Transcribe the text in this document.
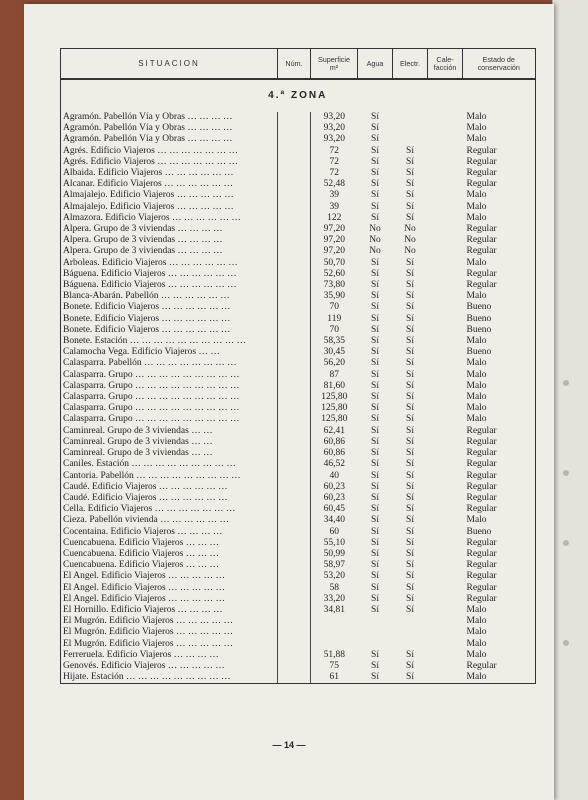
SITUACION	Núm.	Superficie m²	Agua	Electr.	Cale- facción	Estado de conservación
4.ª ZONA						
Agramón. Pabellón Vía y Obras … … … …		93,20	Sí			Malo
Agramón. Pabellón Vía y Obras … … … …		93,20	Sí			Malo
Agramón. Pabellón Vía y Obras … … … …		93,20	Sí			Malo
Agrés. Edificio Viajeros … … … … … … …		72	Sí	Sí		Regular
Agrés. Edificio Viajeros … … … … … … …		72	Sí	Sí		Regular
Albaida. Edificio Viajeros … … … … … …		72	Sí	Sí		Regular
Alcanar. Edificio Viajeros … … … … … …		52,48	Sí	Sí		Regular
Almajalejo. Edificio Viajeros … … … … …		39	Sí	Sí		Malo
Almajalejo. Edificio Viajeros … … … … …		39	Sí	Sí		Malo
Almazora. Edificio Viajeros … … … … … …		122	Sí	Sí		Malo
Alpera. Grupo de 3 viviendas … … … …		97,20	No	No		Regular
Alpera. Grupo de 3 viviendas … … … …		97,20	No	No		Regular
Alpera. Grupo de 3 viviendas … … … …		97,20	No	No		Regular
Arboleas. Edificio Viajeros … … … … … …		50,70	Sí	Sí		Malo
Báguena. Edificio Viajeros … … … … … …		52,60	Sí	Sí		Regular
Báguena. Edificio Viajeros … … … … … …		73,80	Sí	Sí		Regular
Blanca-Abarán. Pabellón … … … … … …		35,90	Sí	Sí		Malo
Bonete. Edificio Viajeros … … … … … …		70	Sí	Sí		Bueno
Bonete. Edificio Viajeros … … … … … …		119	Sí	Sí		Bueno
Bonete. Edificio Viajeros … … … … … …		70	Sí	Sí		Bueno
Bonete. Estación … … … … … … … … … …		58,35	Sí	Sí		Malo
Calamocha Vega. Edificio Viajeros … …		30,45	Sí	Sí		Bueno
Calasparra. Pabellón … … … … … … … …		56,20	Sí	Sí		Malo
Calasparra. Grupo … … … … … … … … …		87	Sí	Sí		Malo
Calasparra. Grupo … … … … … … … … …		81,60	Sí	Sí		Malo
Calasparra. Grupo … … … … … … … … …		125,80	Sí	Sí		Malo
Calasparra. Grupo … … … … … … … … …		125,80	Sí	Sí		Malo
Calasparra. Grupo … … … … … … … … …		125,80	Sí	Sí		Malo
Caminreal. Grupo de 3 viviendas … …		62,41	Sí	Sí		Regular
Caminreal. Grupo de 3 viviendas … …		60,86	Sí	Sí		Regular
Caminreal. Grupo de 3 viviendas … …		60,86	Sí	Sí		Regular
Caniles. Estación … … … … … … … … …		46,52	Sí	Sí		Regular
Cantoria. Pabellón … … … … … … … … …		40	Sí	Sí		Regular
Caudé. Edificio Viajeros … … … … … …		60,23	Sí	Sí		Regular
Caudé. Edificio Viajeros … … … … … …		60,23	Sí	Sí		Regular
Cella. Edificio Viajeros … … … … … … …		60,45	Sí	Sí		Regular
Cieza. Pabellón vivienda … … … … … …		34,40	Sí	Sí		Malo
Cocentaina. Edificio Viajeros … … … …		60	Sí	Sí		Bueno
Cuencabuena. Edificio Viajeros … … …		55,10	Sí	Sí		Regular
Cuencabuena. Edificio Viajeros … … …		50,99	Sí	Sí		Regular
Cuencabuena. Edificio Viajeros … … …		58,97	Sí	Sí		Regular
El Angel. Edificio Viajeros … … … … …		53,20	Sí	Sí		Regular
El Angel. Edificio Viajeros … … … … …		58	Sí	Sí		Regular
El Angel. Edificio Viajeros … … … … …		33,20	Sí	Sí		Regular
El Hornillo. Edificio Viajeros … … … …		34,81	Sí	Sí		Malo
El Mugrón. Edificio Viajeros … … … … …						Malo
El Mugrón. Edificio Viajeros … … … … …						Malo
El Mugrón. Edificio Viajeros … … … … …						Malo
Ferreruela. Edificio Viajeros … … … …		51,88	Sí	Sí		Malo
Genovés. Edificio Viajeros … … … … …		75	Sí	Sí		Regular
Hijate. Estación … … … … … … … … …		61	Sí	Sí		Malo
— 14 —
